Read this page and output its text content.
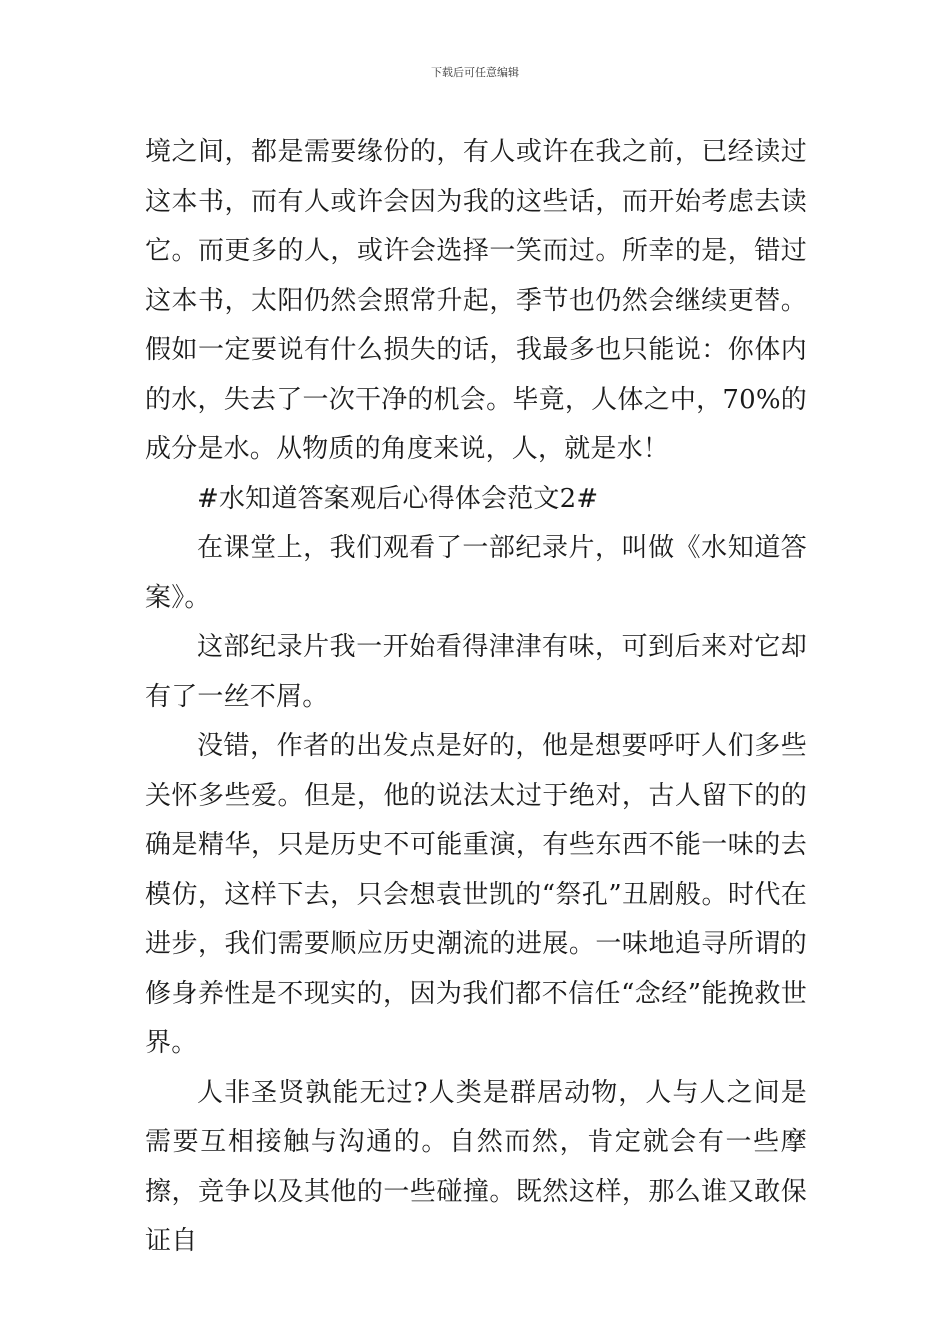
下载后可任意编辑

境之间，都是需要缘份的，有人或许在我之前，已经读过这本书，而有人或许会因为我的这些话，而开始考虑去读它。而更多的人，或许会选择一笑而过。所幸的是，错过这本书，太阳仍然会照常升起，季节也仍然会继续更替。假如一定要说有什么损失的话，我最多也只能说：你体内的水，失去了一次干净的机会。毕竟，人体之中，70%的成分是水。从物质的角度来说，人，就是水！

#水知道答案观后心得体会范文2#

在课堂上，我们观看了一部纪录片，叫做《水知道答案》。

这部纪录片我一开始看得津津有味，可到后来对它却有了一丝不屑。

没错，作者的出发点是好的，他是想要呼吁人们多些关怀多些爱。但是，他的说法太过于绝对，古人留下的的确是精华，只是历史不可能重演，有些东西不能一味的去模仿，这样下去，只会想袁世凯的“祭孔”丑剧般。时代在进步，我们需要顺应历史潮流的进展。一味地追寻所谓的修身养性是不现实的，因为我们都不信任“念经”能挽救世界。

人非圣贤孰能无过?人类是群居动物，人与人之间是需要互相接触与沟通的。自然而然，肯定就会有一些摩擦，竞争以及其他的一些碰撞。既然这样，那么谁又敢保证自
